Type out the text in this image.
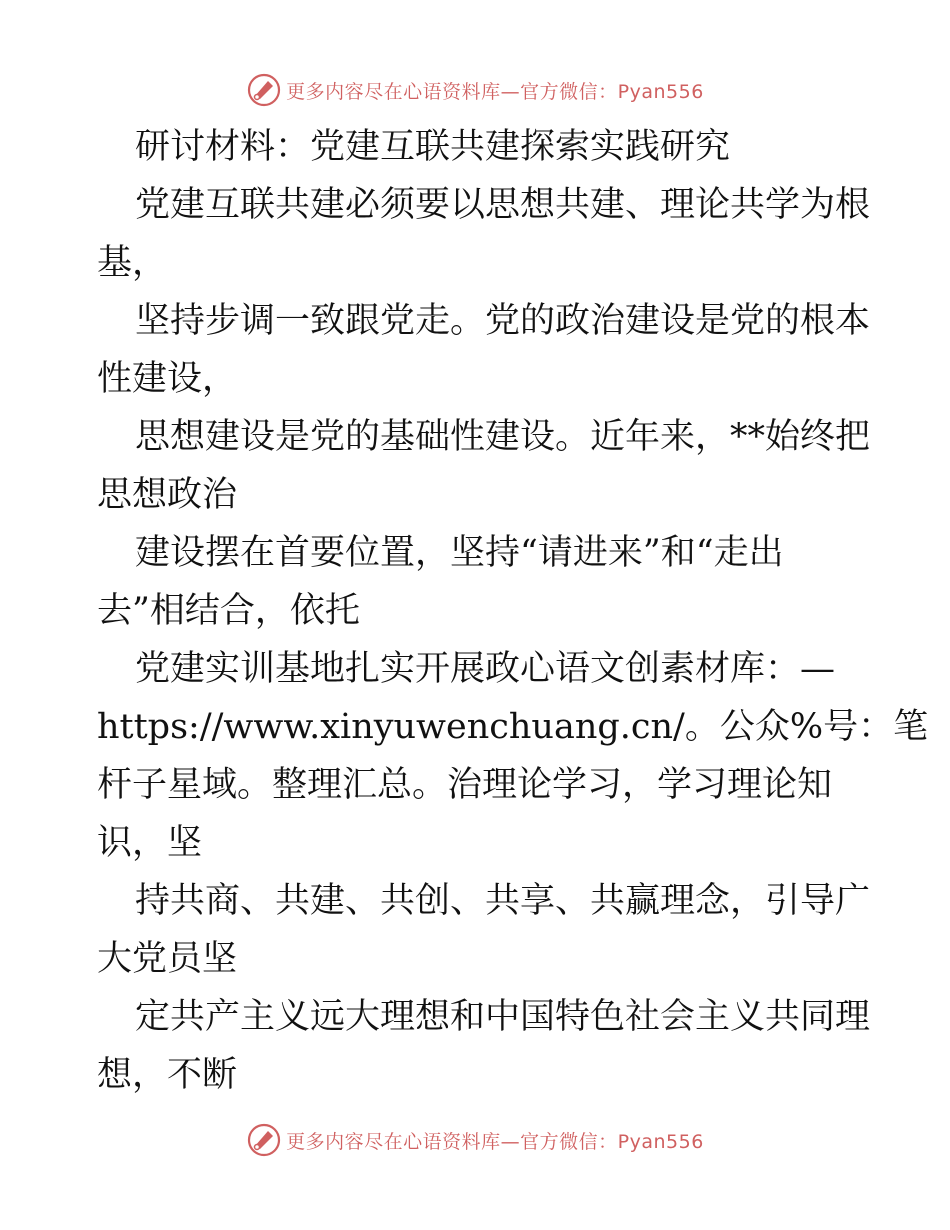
更多内容尽在心语资料库—官方微信：Pyan556

研讨材料：党建互联共建探索实践研究

党建互联共建必须要以思想共建、理论共学为根
基，

坚持步调一致跟党走。党的政治建设是党的根本
性建设，

思想建设是党的基础性建设。近年来，**始终把
思想政治

建设摆在首要位置，坚持“请进来”和“走出
去”相结合，依托

党建实训基地扎实开展政心语文创素材库：—
https://www.xinyuwenchuang.cn/。公众%号：笔
杆子星域。整理汇总。治理论学习，学习理论知
识，坚

持共商、共建、共创、共享、共赢理念，引导广
大党员坚

定共产主义远大理想和中国特色社会主义共同理
想，不断

更多内容尽在心语资料库—官方微信：Pyan556
